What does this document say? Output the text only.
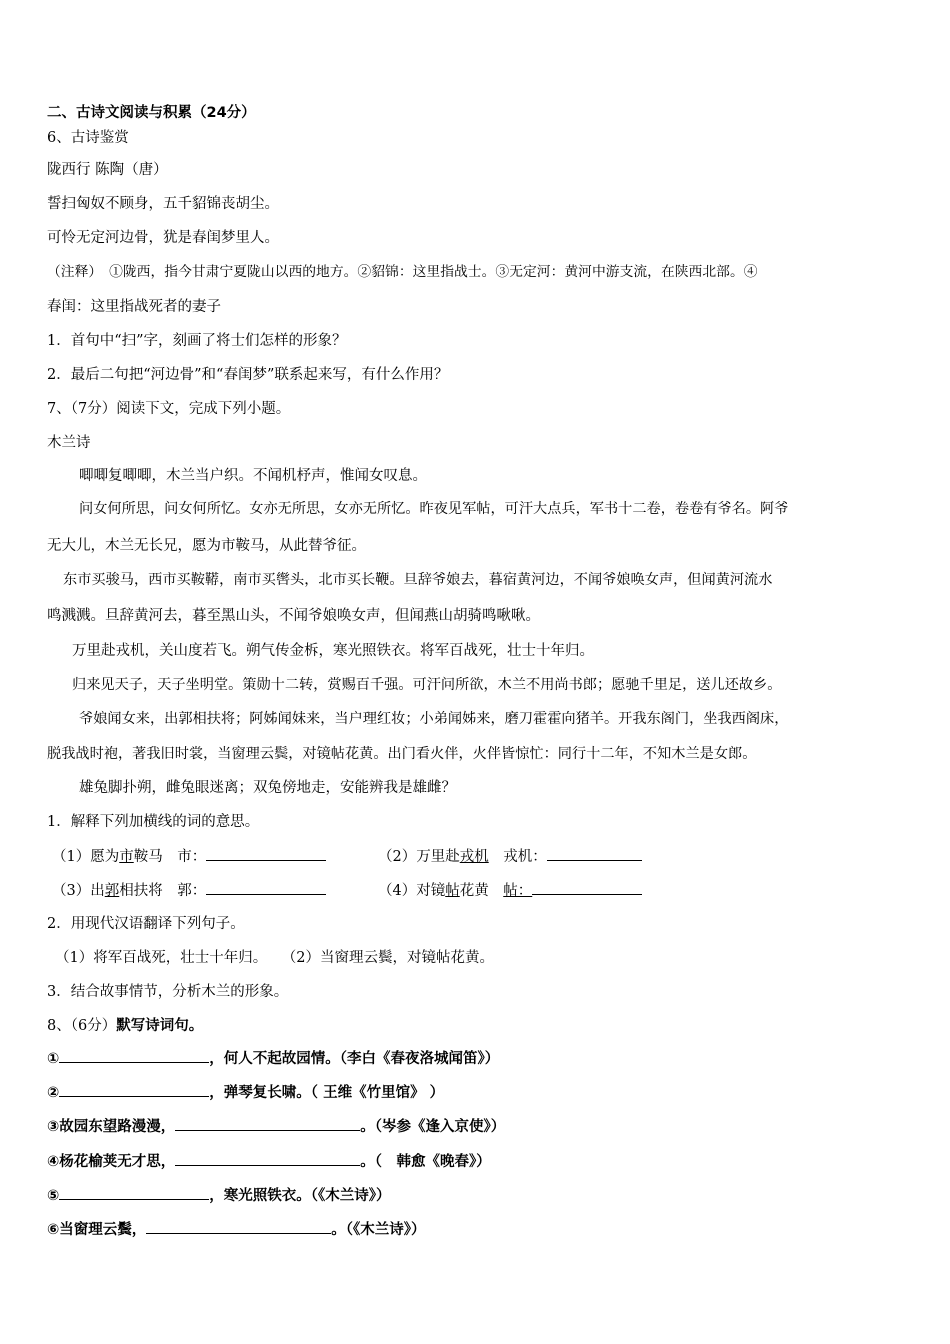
二、古诗文阅读与积累（24分）
6、古诗鉴赏
陇西行 陈陶（唐）
誓扫匈奴不顾身，五千貂锦丧胡尘。
可怜无定河边骨，犹是春闺梦里人。
（注释）　①陇西，指今甘肃宁夏陇山以西的地方。②貂锦：这里指战士。③无定河：黄河中游支流，在陕西北部。④
春闺：这里指战死者的妻子
1．首句中“扫”字，刻画了将士们怎样的形象？
2．最后二句把“河边骨”和“春闺梦”联系起来写，有什么作用？
7、（7分）阅读下文，完成下列小题。
木兰诗
唧唧复唧唧，木兰当户织。不闻机杼声，惟闻女叹息。
问女何所思，问女何所忆。女亦无所思，女亦无所忆。昨夜见军帖，可汗大点兵，军书十二卷，卷卷有爷名。阿爷
无大儿，木兰无长兄，愿为市鞍马，从此替爷征。
东市买骏马，西市买鞍鞯，南市买辔头，北市买长鞭。旦辞爷娘去，暮宿黄河边，不闻爷娘唤女声，但闻黄河流水
鸣溅溅。旦辞黄河去，暮至黑山头，不闻爷娘唤女声，但闻燕山胡骑鸣啾啾。
万里赴戎机，关山度若飞。朔气传金柝，寒光照铁衣。将军百战死，壮士十年归。
归来见天子，天子坐明堂。策勋十二转，赏赐百千强。可汗问所欲，木兰不用尚书郎；愿驰千里足，送儿还故乡。
爷娘闻女来，出郭相扶将；阿姊闻妹来，当户理红妆；小弟闻姊来，磨刀霍霍向猪羊。开我东阁门，坐我西阁床，
脱我战时袍，著我旧时裳，当窗理云鬓，对镜帖花黄。出门看火伴，火伴皆惊忙：同行十二年，不知木兰是女郎。
雄兔脚扑朔，雌兔眼迷离；双兔傍地走，安能辨我是雄雌？
1．解释下列加横线的词的意思。
（1）愿为市鞍马　市：	（2）万里赴戎机　 戎机：
（3）出郭相扶将　郭：	（4）对镜帖花黄　帖：
2．用现代汉语翻译下列句子。
（1）将军百战死，壮士十年归。　　（2）当窗理云鬓，对镜帖花黄。
3．结合故事情节，分析木兰的形象。
8、（6分）默写诗词句。
①	，何人不起故园情。（李白《春夜洛城闻笛》）
②	，弹琴复长啸。（ 王维《竹里馆》 ）
③故园东望路漫漫，	。（岑参《逢入京使》）
④杨花榆荚无才思，	。（　韩愈《晚春》）
⑤	，寒光照铁衣。（《木兰诗》）
⑥当窗理云鬓，	。（《木兰诗》）
